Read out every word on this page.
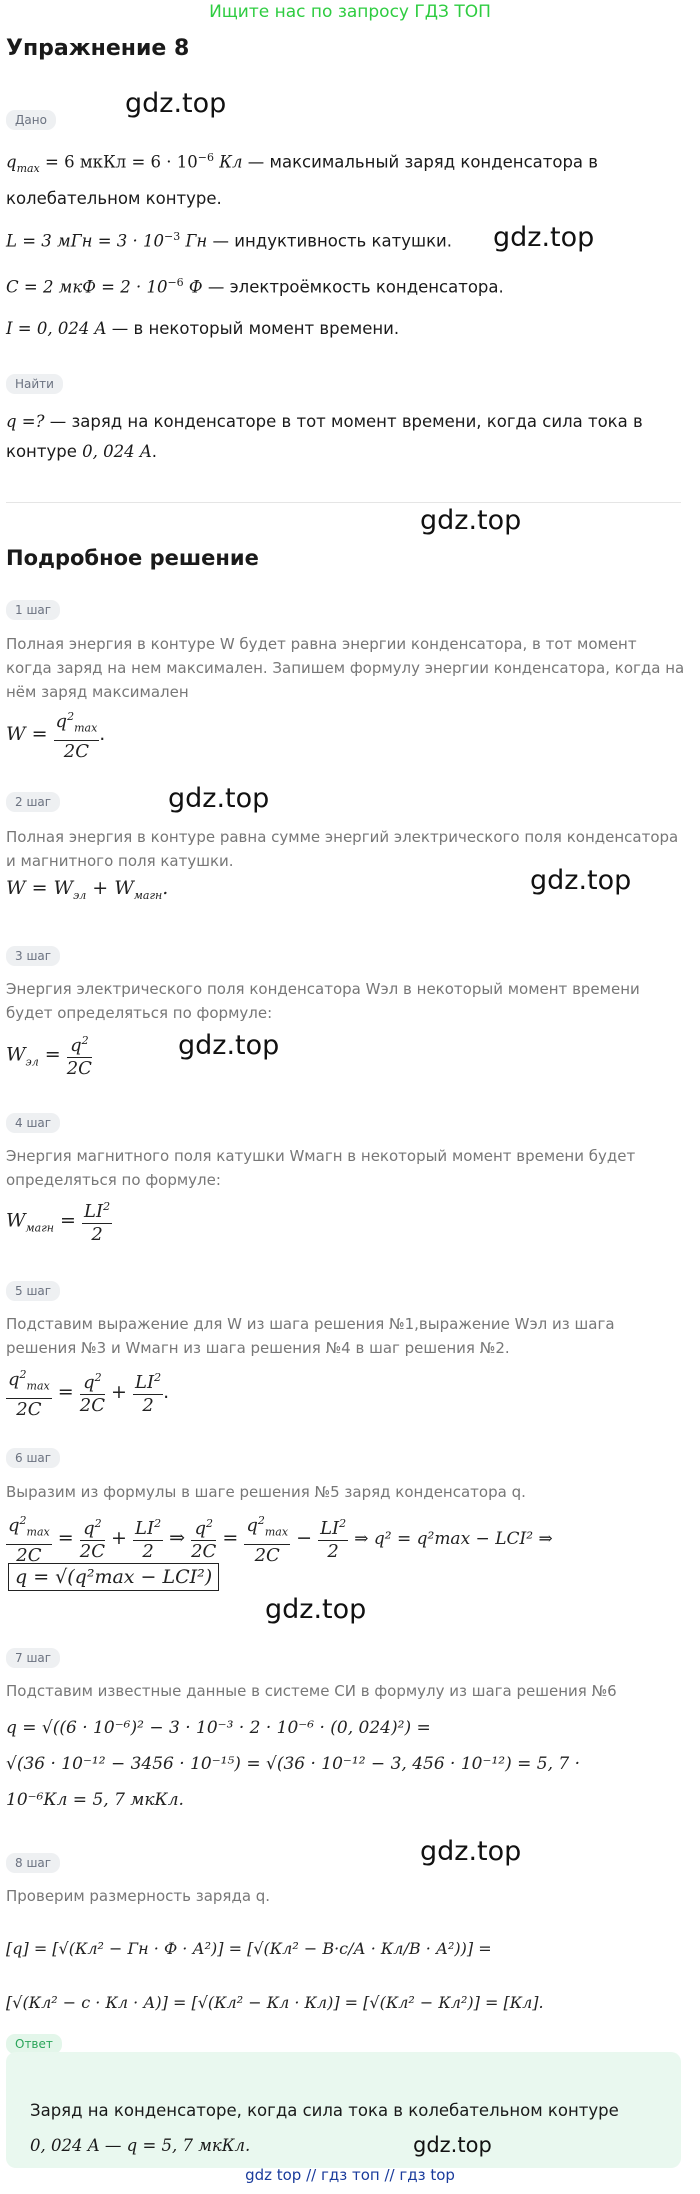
Ищите нас по запросу ГДЗ ТОП
Упражнение 8
Дано
gdz.top
$q_{max} = 6$ мкКл = $6 \cdot 10^{-6}$ Кл — максимальный заряд конденсатора в колебательном контуре.
L = 3 мГн = $3 \cdot 10^{-3}$ Гн — индуктивность катушки. gdz.top
C = 2 мкФ = $2 \cdot 10^{-6}$ Ф — электроёмкость конденсатора.
I = 0, 024 A — в некоторый момент времени.
Найти
q =? — заряд на конденсаторе в тот момент времени, когда сила тока в контуре 0, 024 A.
gdz.top
Подробное решение
1 шаг
Полная энергия в контуре W будет равна энергии конденсатора, в тот момент когда заряд на нем максимален. Запишем формулу энергии конденсатора, когда на нём заряд максимален
$W = \frac{q^2_{max}}{2C}$ .
2 шаг	gdz.top
Полная энергия в контуре равна сумме энергий электрического поля конденсатора и магнитного поля катушки.
gdz.top
$W = W_{эл} + W_{магн}$.
3 шаг
Энергия электрического поля конденсатора Wэл в некоторый момент времени будет определяться по формуле:
$W_{эл} = \frac{q^2}{2C}$	gdz.top
4 шаг
Энергия магнитного поля катушки Wмагн в некоторый момент времени будет определяться по формуле:
$W_{магн} = \frac{LI^2}{2}$
5 шаг
Подставим выражение для W из шага решения №1,выражение Wэл из шага решения №3 и Wмагн из шага решения №4 в шаг решения №2.
$\frac{q^2_{max}}{2C} = \frac{q^2}{2C} + \frac{LI^2}{2}$ .
6 шаг
Выразим из формулы в шаге решения №5 заряд конденсатора q.
$\frac{q^2_{max}}{2C} = \frac{q^2}{2C} + \frac{LI^2}{2}$ ⇒ $\frac{q^2}{2C} = \frac{q^2_{max}}{2C} - \frac{LI^2}{2}$ ⇒ q² = q²max − LCI² ⇒
q = √(q²max − LCI²)
gdz.top
7 шаг
Подставим известные данные в системе СИ в формулу из шага решения №6
q = √((6 · 10⁻⁶)² − 3 · 10⁻³ · 2 · 10⁻⁶ · (0, 024)²) =
√(36 · 10⁻¹² − 3456 · 10⁻¹⁵) = √(36 · 10⁻¹² − 3, 456 · 10⁻¹²) = 5, 7 ·
10⁻⁶Кл = 5, 7 мкКл.
gdz.top
8 шаг
Проверим размерность заряда q.
[q] = [√(Кл² − Гн · Ф · А²)] = [√(Кл² − В·с/А · Кл/В · А²))] =
[√(Кл² − с · Кл · А)] = [√(Кл² − Кл · Кл)] = [√(Кл² − Кл²)] = [Кл].
Ответ
Заряд на конденсаторе, когда сила тока в колебательном контуре
0, 024 A — q = 5, 7 мкКл.	gdz.top
gdz top // гдз топ // гдз top
